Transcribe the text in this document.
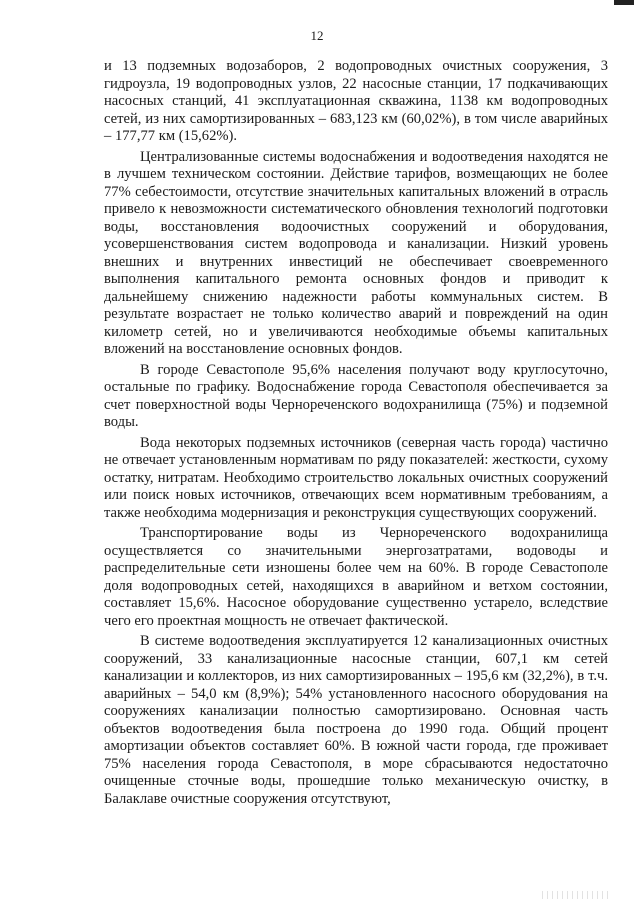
12

и 13 подземных водозаборов, 2 водопроводных очистных сооружения, 3 гидроузла, 19 водопроводных узлов, 22 насосные станции, 17 подкачивающих насосных станций, 41 эксплуатационная скважина, 1138 км водопроводных сетей, из них самортизированных – 683,123 км (60,02%), в том числе аварийных – 177,77 км (15,62%).

Централизованные системы водоснабжения и водоотведения находятся не в лучшем техническом состоянии. Действие тарифов, возмещающих не более 77% себестоимости, отсутствие значительных капитальных вложений в отрасль привело к невозможности систематического обновления технологий подготовки воды, восстановления водоочистных сооружений и оборудования, усовершенствования систем водопровода и канализации. Низкий уровень внешних и внутренних инвестиций не обеспечивает своевременного выполнения капитального ремонта основных фондов и приводит к дальнейшему снижению надежности работы коммунальных систем. В результате возрастает не только количество аварий и повреждений на один километр сетей, но и увеличиваются необходимые объемы капитальных вложений на восстановление основных фондов.

В городе Севастополе 95,6% населения получают воду круглосуточно, остальные по графику. Водоснабжение города Севастополя обеспечивается за счет поверхностной воды Чернореченского водохранилища (75%) и подземной воды.

Вода некоторых подземных источников (северная часть города) частично не отвечает установленным нормативам по ряду показателей: жесткости, сухому остатку, нитратам. Необходимо строительство локальных очистных сооружений или поиск новых источников, отвечающих всем нормативным требованиям, а также необходима модернизация и реконструкция существующих сооружений.

Транспортирование воды из Чернореченского водохранилища осуществляется со значительными энергозатратами, водоводы и распределительные сети изношены более чем на 60%. В городе Севастополе доля водопроводных сетей, находящихся в аварийном и ветхом состоянии, составляет 15,6%. Насосное оборудование существенно устарело, вследствие чего его проектная мощность не отвечает фактической.

В системе водоотведения эксплуатируется 12 канализационных очистных сооружений, 33 канализационные насосные станции, 607,1 км сетей канализации и коллекторов, из них самортизированных – 195,6 км (32,2%), в т.ч. аварийных – 54,0 км (8,9%); 54% установленного насосного оборудования на сооружениях канализации полностью самортизировано. Основная часть объектов водоотведения была построена до 1990 года. Общий процент амортизации объектов составляет 60%. В южной части города, где проживает 75% населения города Севастополя, в море сбрасываются недостаточно очищенные сточные воды, прошедшие только механическую очистку, в Балаклаве очистные сооружения отсутствуют,
